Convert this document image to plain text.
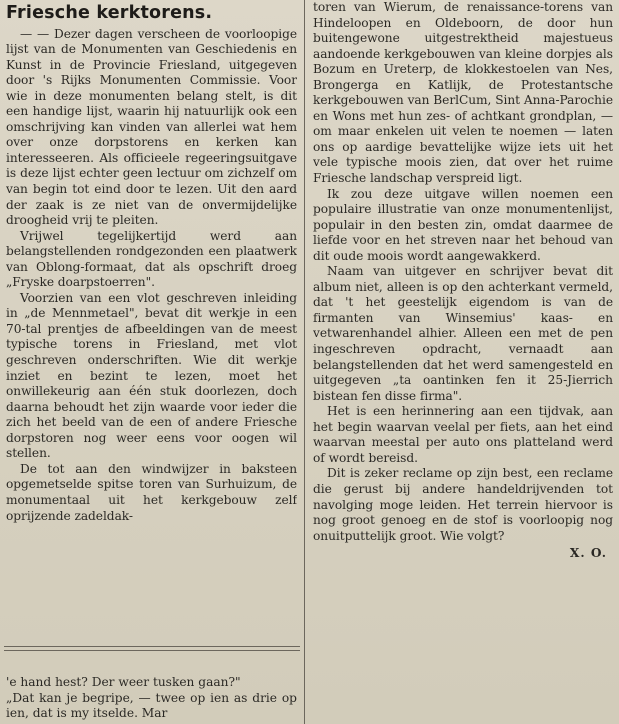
Friesche kerktorens.

— — Dezer dagen verscheen de voorloopige lijst van de Monumenten van Geschiedenis en Kunst in de Provincie Friesland, uitgegeven door 's Rijks Monumenten Commissie. Voor wie in deze monumenten belang stelt, is dit een handige lijst, waarin hij natuurlijk ook een omschrijving kan vinden van allerlei wat hem over onze dorpstorens en kerken kan interesseeren. Als officieele regeeringsuitgave is deze lijst echter geen lectuur om zichzelf om van begin tot eind door te lezen. Uit den aard der zaak is ze niet van de onvermijdelijke droogheid vrij te pleiten.

Vrijwel tegelijkertijd werd aan belangstellenden rondgezonden een plaatwerk van Oblong-formaat, dat als opschrift droeg „Fryske doarpstoerren".

Voorzien van een vlot geschreven inleiding in „de Mennmetael", bevat dit werkje in een 70-tal prentjes de afbeeldingen van de meest typische torens in Friesland, met vlot geschreven onderschriften. Wie dit werkje inziet en bezint te lezen, moet het onwillekeurig aan één stuk doorlezen, doch daarna behoudt het zijn waarde voor ieder die zich het beeld van de een of andere Friesche dorpstoren nog weer eens voor oogen wil stellen.

De tot aan den windwijzer in baksteen opgemetselde spitse toren van Surhuizum, de monumentaal uit het kerkgebouw zelf oprijzende zadeldak-

toren van Wierum, de renaissance-torens van Hindeloopen en Oldeboorn, de door hun buitengewone uitgestrektheid majestueus aandoende kerkgebouwen van kleine dorpjes als Bozum en Ureterp, de klokkestoelen van Nes, Brongerga en Katlijk, de Protestantsche kerkgebouwen van BerlCum, Sint Anna-Parochie en Wons met hun zes- of achtkant grondplan, — om maar enkelen uit velen te noemen — laten ons op aardige bevattelijke wijze iets uit het vele typische moois zien, dat over het ruime Friesche landschap verspreid ligt.

Ik zou deze uitgave willen noemen een populaire illustratie van onze monumentenlijst, populair in den besten zin, omdat daarmee de liefde voor en het streven naar het behoud van dit oude moois wordt aangewakkerd.

Naam van uitgever en schrijver bevat dit album niet, alleen is op den achterkant vermeld, dat 't het geestelijk eigendom is van de firmanten van Winsemius' kaas- en vetwarenhandel alhier. Alleen een met de pen ingeschreven opdracht, vernaadt aan belangstellenden dat het werd samengesteld en uitgegeven „ta oantinken fen it 25-Jierrich bistean fen disse firma".

Het is een herinnering aan een tijdvak, aan het begin waarvan veelal per fiets, aan het eind waarvan meestal per auto ons platteland werd of wordt bereisd.

Dit is zeker reclame op zijn best, een reclame die gerust bij andere handeldrijvenden tot navolging moge leiden. Het terrein hiervoor is nog groot genoeg en de stof is voorloopig nog onuitputtelijk groot. Wie volgt?

X. O.

'e hand hest? Der weer tusken gaan?"

„Dat kan je begripe, — twee op ien as drie op ien, dat is my itselde. Mar
